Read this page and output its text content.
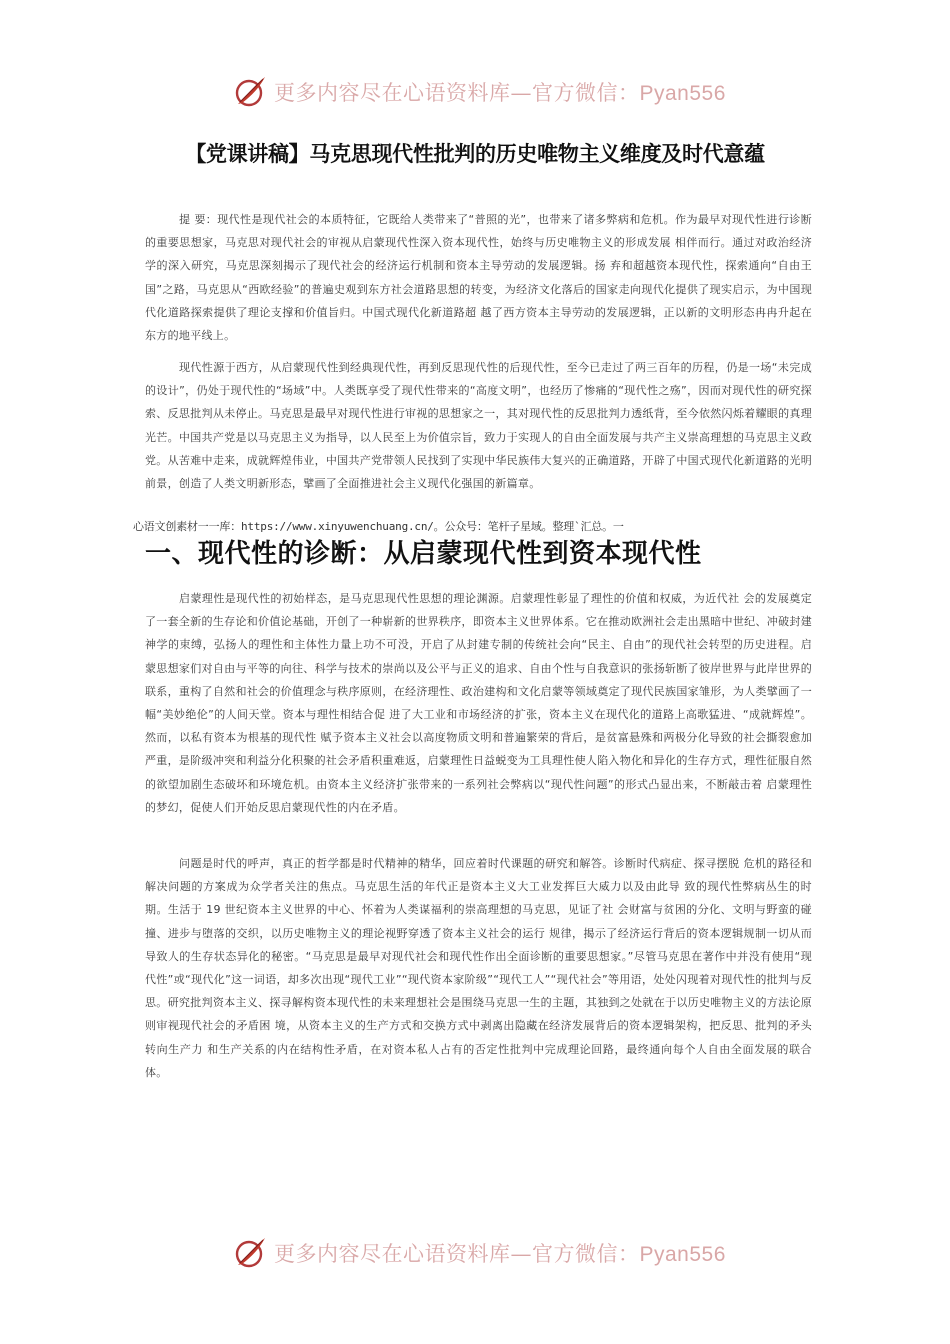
更多内容尽在心语资料库—官方微信：Pyan556
【党课讲稿】马克思现代性批判的历史唯物主义维度及时代意蕴

提 要：现代性是现代社会的本质特征，它既给人类带来了“普照的光”，也带来了诸多弊病和危机。作为最早对现代性进行诊断的重要思想家，马克思对现代社会的审视从启蒙现代性深入资本现代性，始终与历史唯物主义的形成发展 相伴而行。通过对政治经济学的深入研究，马克思深刻揭示了现代社会的经济运行机制和资本主导劳动的发展逻辑。扬 弃和超越资本现代性，探索通向“自由王国”之路，马克思从“西欧经验”的普遍史观到东方社会道路思想的转变，为经济文化落后的国家走向现代化提供了现实启示，为中国现代化道路探索提供了理论支撑和价值旨归。中国式现代化新道路超 越了西方资本主导劳动的发展逻辑，正以新的文明形态冉冉升起在东方的地平线上。

现代性源于西方，从启蒙现代性到经典现代性，再到反思现代性的后现代性，至今已走过了两三百年的历程，仍是一场“未完成的设计”，仍处于现代性的“场域”中。人类既享受了现代性带来的“高度文明”，也经历了惨痛的“现代性之殇”，因而对现代性的研究探索、反思批判从未停止。马克思是最早对现代性进行审视的思想家之一，其对现代性的反思批判力透纸背，至今依然闪烁着耀眼的真理光芒。中国共产党是以马克思主义为指导，以人民至上为价值宗旨，致力于实现人的自由全面发展与共产主义崇高理想的马克思主义政党。从苦难中走来，成就辉煌伟业，中国共产党带领人民找到了实现中华民族伟大复兴的正确道路，开辟了中国式现代化新道路的光明前景，创造了人类文明新形态，擘画了全面推进社会主义现代化强国的新篇章。

心语文创素材一一库：https://www.xinyuwenchuang.cn/。公众号：笔杆子星域。整理`汇总。一
一、现代性的诊断：从启蒙现代性到资本现代性

启蒙理性是现代性的初始样态，是马克思现代性思想的理论渊源。启蒙理性彰显了理性的价值和权威，为近代社 会的发展奠定了一套全新的生存论和价值论基础，开创了一种崭新的世界秩序，即资本主义世界体系。它在推动欧洲社会走出黑暗中世纪、冲破封建神学的束缚，弘扬人的理性和主体性力量上功不可没，开启了从封建专制的传统社会向“民主、自由”的现代社会转型的历史进程。启蒙思想家们对自由与平等的向往、科学与技术的崇尚以及公平与正义的追求、自由个性与自我意识的张扬斩断了彼岸世界与此岸世界的联系，重构了自然和社会的价值理念与秩序原则，在经济理性、政治建构和文化启蒙等领域奠定了现代民族国家雏形，为人类擘画了一幅“美妙绝伦”的人间天堂。资本与理性相结合促 进了大工业和市场经济的扩张，资本主义在现代化的道路上高歌猛进、“成就辉煌”。然而，以私有资本为根基的现代性 赋予资本主义社会以高度物质文明和普遍繁荣的背后，是贫富悬殊和两极分化导致的社会撕裂愈加严重，是阶级冲突和利益分化积聚的社会矛盾积重难返，启蒙理性日益蜕变为工具理性使人陷入物化和异化的生存方式，理性征服自然的欲望加剧生态破坏和环境危机。由资本主义经济扩张带来的一系列社会弊病以“现代性问题”的形式凸显出来，不断敲击着 启蒙理性的梦幻，促使人们开始反思启蒙现代性的内在矛盾。

问题是时代的呼声，真正的哲学都是时代精神的精华，回应着时代课题的研究和解答。诊断时代病症、探寻摆脱 危机的路径和解决问题的方案成为众学者关注的焦点。马克思生活的年代正是资本主义大工业发挥巨大威力以及由此导 致的现代性弊病丛生的时期。生活于 19 世纪资本主义世界的中心、怀着为人类谋福利的崇高理想的马克思，见证了社 会财富与贫困的分化、文明与野蛮的碰撞、进步与堕落的交织，以历史唯物主义的理论视野穿透了资本主义社会的运行 规律，揭示了经济运行背后的资本逻辑规制一切从而导致人的生存状态异化的秘密。“马克思是最早对现代社会和现代性作出全面诊断的重要思想家。”尽管马克思在著作中并没有使用“现代性”或“现代化”这一词语，却多次出现“现代工业”“现代资本家阶级”“现代工人”“现代社会”等用语，处处闪现着对现代性的批判与反思。研究批判资本主义、探寻解构资本现代性的未来理想社会是围绕马克思一生的主题，其独到之处就在于以历史唯物主义的方法论原则审视现代社会的矛盾困 境，从资本主义的生产方式和交换方式中剥离出隐藏在经济发展背后的资本逻辑架构，把反思、批判的矛头转向生产力 和生产关系的内在结构性矛盾，在对资本私人占有的否定性批判中完成理论回路，最终通向每个人自由全面发展的联合体。

更多内容尽在心语资料库—官方微信：Pyan556
